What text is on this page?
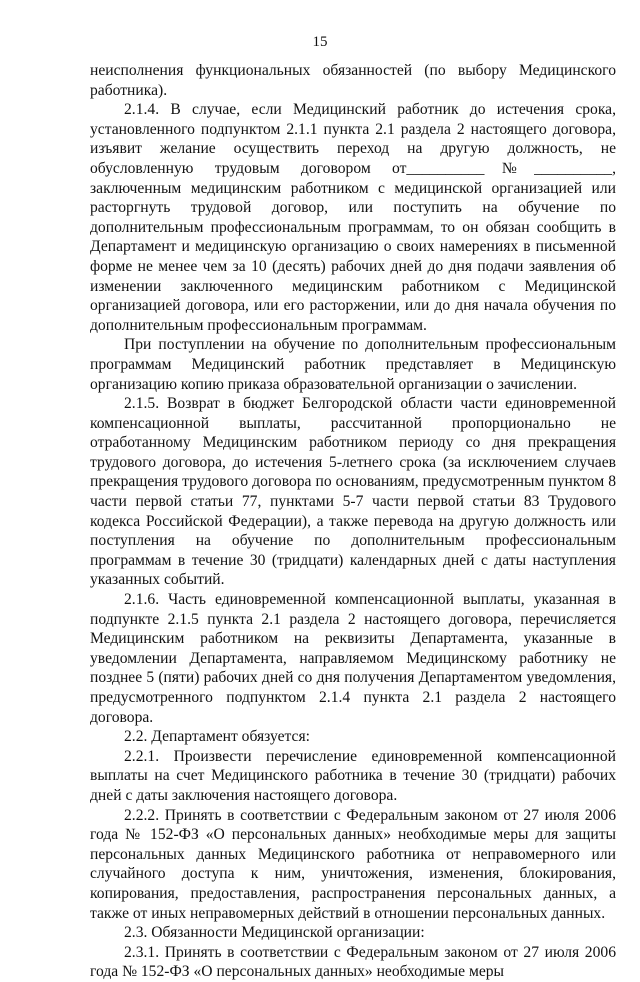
15

неисполнения функциональных обязанностей (по выбору Медицинского работника).

2.1.4. В случае, если Медицинский работник до истечения срока, установленного подпунктом 2.1.1 пункта 2.1 раздела 2 настоящего договора, изъявит желание осуществить переход на другую должность, не обусловленную трудовым договором от__________№__________, заключенным медицинским работником с медицинской организацией или расторгнуть трудовой договор, или поступить на обучение по дополнительным профессиональным программам, то он обязан сообщить в Департамент и медицинскую организацию о своих намерениях в письменной форме не менее чем за 10 (десять) рабочих дней до дня подачи заявления об изменении заключенного медицинским работником с Медицинской организацией договора, или его расторжении, или до дня начала обучения по дополнительным профессиональным программам.

При поступлении на обучение по дополнительным профессиональным программам Медицинский работник представляет в Медицинскую организацию копию приказа образовательной организации о зачислении.

2.1.5. Возврат в бюджет Белгородской области части единовременной компенсационной выплаты, рассчитанной пропорционально не отработанному Медицинским работником периоду со дня прекращения трудового договора, до истечения 5-летнего срока (за исключением случаев прекращения трудового договора по основаниям, предусмотренным пунктом 8 части первой статьи 77, пунктами 5-7 части первой статьи 83 Трудового кодекса Российской Федерации), а также перевода на другую должность или поступления на обучение по дополнительным профессиональным программам в течение 30 (тридцати) календарных дней с даты наступления указанных событий.

2.1.6. Часть единовременной компенсационной выплаты, указанная в подпункте 2.1.5 пункта 2.1 раздела 2 настоящего договора, перечисляется Медицинским работником на реквизиты Департамента, указанные в уведомлении Департамента, направляемом Медицинскому работнику не позднее 5 (пяти) рабочих дней со дня получения Департаментом уведомления, предусмотренного подпунктом 2.1.4 пункта 2.1 раздела 2 настоящего договора.

2.2. Департамент обязуется:

2.2.1. Произвести перечисление единовременной компенсационной выплаты на счет Медицинского работника в течение 30 (тридцати) рабочих дней с даты заключения настоящего договора.

2.2.2. Принять в соответствии с Федеральным законом от 27 июля 2006 года № 152-ФЗ «О персональных данных» необходимые меры для защиты персональных данных Медицинского работника от неправомерного или случайного доступа к ним, уничтожения, изменения, блокирования, копирования, предоставления, распространения персональных данных, а также от иных неправомерных действий в отношении персональных данных.

2.3. Обязанности Медицинской организации:

2.3.1. Принять в соответствии с Федеральным законом от 27 июля 2006 года № 152-ФЗ «О персональных данных» необходимые меры
